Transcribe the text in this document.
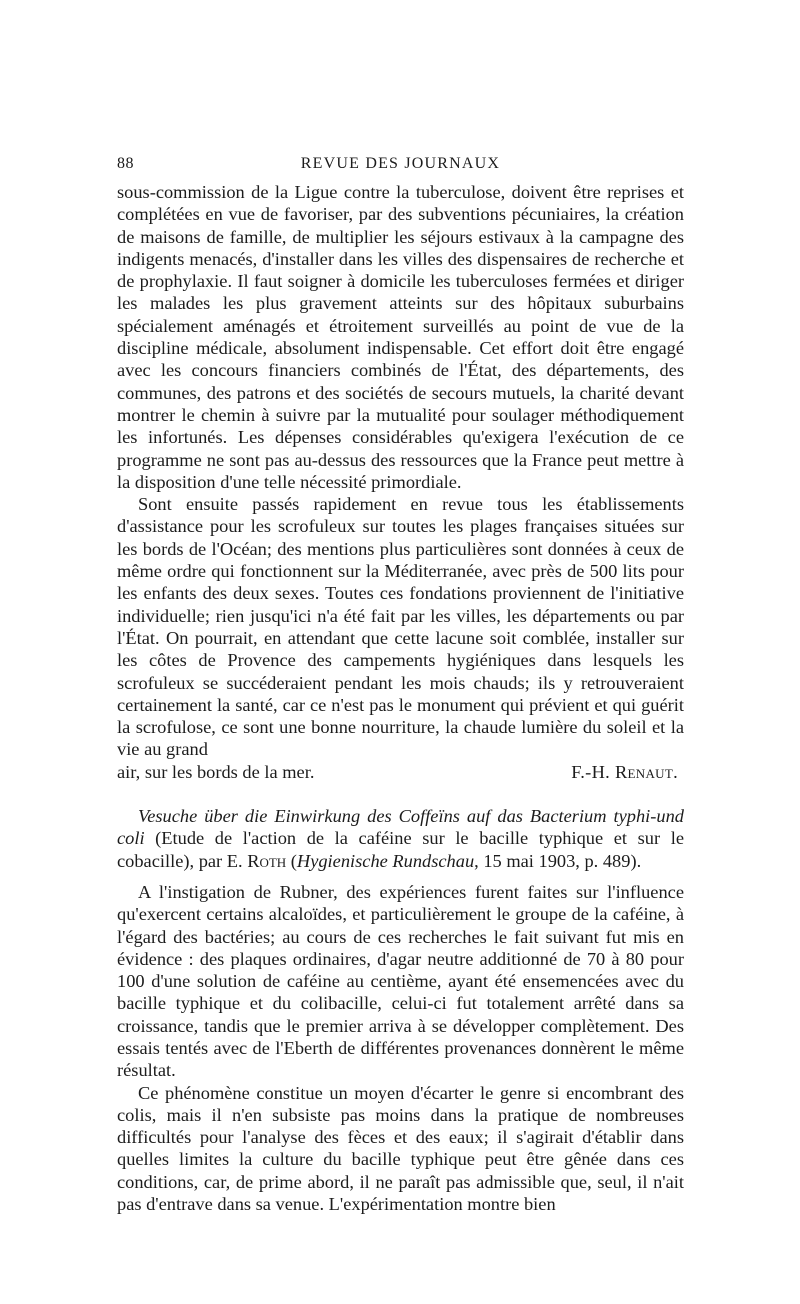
88	REVUE DES JOURNAUX

sous-commission de la Ligue contre la tuberculose, doivent être reprises et complétées en vue de favoriser, par des subventions pécuniaires, la création de maisons de famille, de multiplier les séjours estivaux à la campagne des indigents menacés, d'installer dans les villes des dispensaires de recherche et de prophylaxie. Il faut soigner à domicile les tuberculoses fermées et diriger les malades les plus gravement atteints sur des hôpitaux suburbains spécialement aménagés et étroitement surveillés au point de vue de la discipline médicale, absolument indispensable. Cet effort doit être engagé avec les concours financiers combinés de l'État, des départements, des communes, des patrons et des sociétés de secours mutuels, la charité devant montrer le chemin à suivre par la mutualité pour soulager méthodiquement les infortunés. Les dépenses considérables qu'exigera l'exécution de ce programme ne sont pas au-dessus des ressources que la France peut mettre à la disposition d'une telle nécessité primordiale.

Sont ensuite passés rapidement en revue tous les établissements d'assistance pour les scrofuleux sur toutes les plages françaises situées sur les bords de l'Océan; des mentions plus particulières sont données à ceux de même ordre qui fonctionnent sur la Méditerranée, avec près de 500 lits pour les enfants des deux sexes. Toutes ces fondations proviennent de l'initiative individuelle; rien jusqu'ici n'a été fait par les villes, les départements ou par l'État. On pourrait, en attendant que cette lacune soit comblée, installer sur les côtes de Provence des campements hygiéniques dans lesquels les scrofuleux se succéderaient pendant les mois chauds; ils y retrouveraient certainement la santé, car ce n'est pas le monument qui prévient et qui guérit la scrofulose, ce sont une bonne nourriture, la chaude lumière du soleil et la vie au grand

air, sur les bords de la mer.	F.-H. Renaut.

Vesuche über die Einwirkung des Coffeïns auf das Bacterium typhi-und coli (Etude de l'action de la caféine sur le bacille typhique et sur le cobacille), par E. Roth (Hygienische Rundschau, 15 mai 1903, p. 489).

A l'instigation de Rubner, des expériences furent faites sur l'influence qu'exercent certains alcaloïdes, et particulièrement le groupe de la caféine, à l'égard des bactéries; au cours de ces recherches le fait suivant fut mis en évidence : des plaques ordinaires, d'agar neutre additionné de 70 à 80 pour 100 d'une solution de caféine au centième, ayant été ensemencées avec du bacille typhique et du colibacille, celui-ci fut totalement arrêté dans sa croissance, tandis que le premier arriva à se développer complètement. Des essais tentés avec de l'Eberth de différentes provenances donnèrent le même résultat.

Ce phénomène constitue un moyen d'écarter le genre si encombrant des colis, mais il n'en subsiste pas moins dans la pratique de nombreuses difficultés pour l'analyse des fèces et des eaux; il s'agirait d'établir dans quelles limites la culture du bacille typhique peut être gênée dans ces conditions, car, de prime abord, il ne paraît pas admissible que, seul, il n'ait pas d'entrave dans sa venue. L'expérimentation montre bien
